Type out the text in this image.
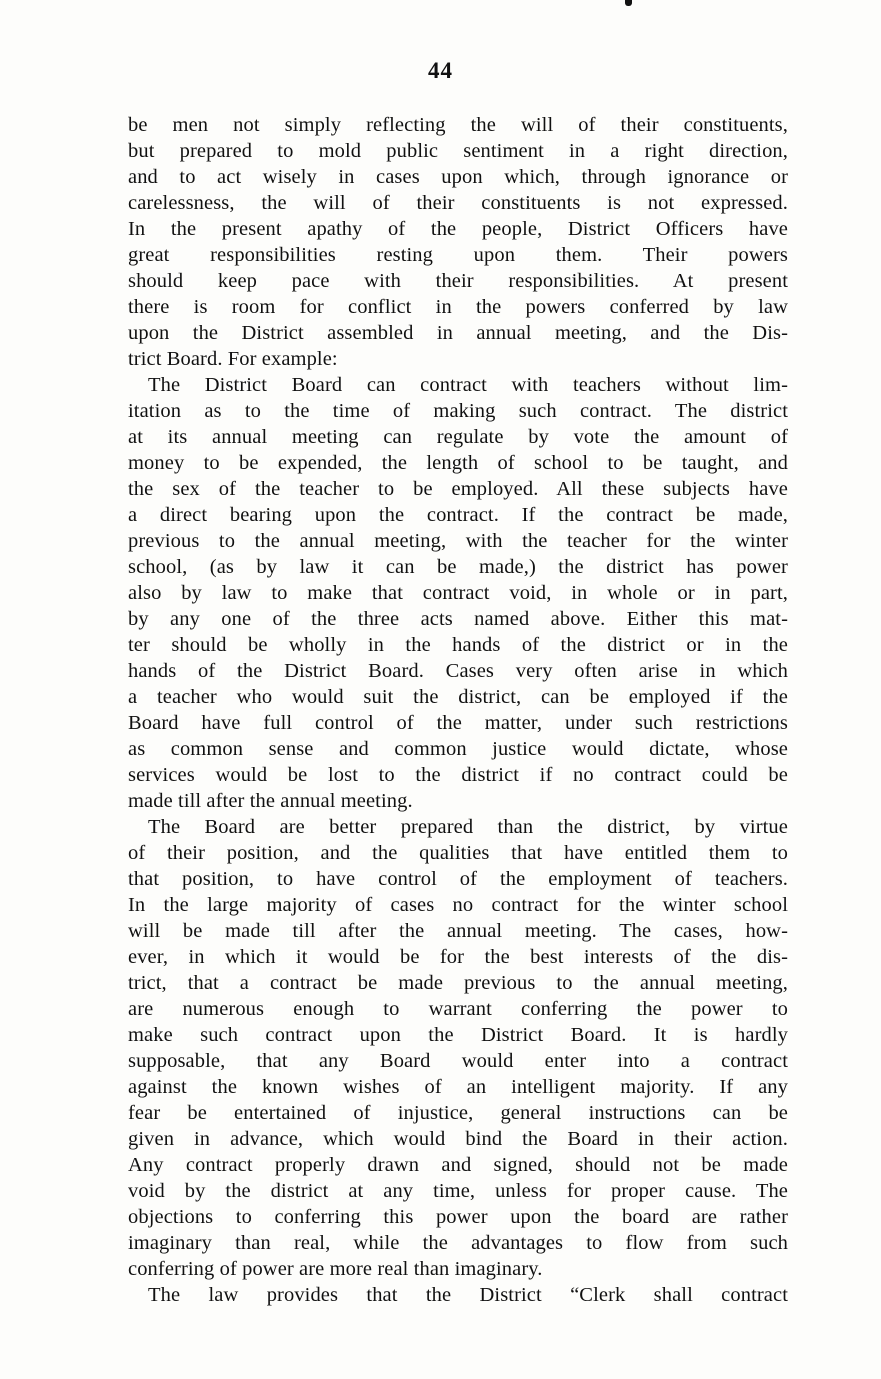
44
be men not simply reflecting the will of their constituents,
but prepared to mold public sentiment in a right direction,
and to act wisely in cases upon which, through ignorance or
carelessness, the will of their constituents is not expressed.
In the present apathy of the people, District Officers have
great responsibilities resting upon them. Their powers
should keep pace with their responsibilities. At present
there is room for conflict in the powers conferred by law
upon the District assembled in annual meeting, and the Dis-
trict Board. For example:
The District Board can contract with teachers without lim-
itation as to the time of making such contract. The district
at its annual meeting can regulate by vote the amount of
money to be expended, the length of school to be taught, and
the sex of the teacher to be employed. All these subjects have
a direct bearing upon the contract. If the contract be made,
previous to the annual meeting, with the teacher for the winter
school, (as by law it can be made,) the district has power
also by law to make that contract void, in whole or in part,
by any one of the three acts named above. Either this mat-
ter should be wholly in the hands of the district or in the
hands of the District Board. Cases very often arise in which
a teacher who would suit the district, can be employed if the
Board have full control of the matter, under such restrictions
as common sense and common justice would dictate, whose
services would be lost to the district if no contract could be
made till after the annual meeting.
The Board are better prepared than the district, by virtue
of their position, and the qualities that have entitled them to
that position, to have control of the employment of teachers.
In the large majority of cases no contract for the winter school
will be made till after the annual meeting. The cases, how-
ever, in which it would be for the best interests of the dis-
trict, that a contract be made previous to the annual meeting,
are numerous enough to warrant conferring the power to
make such contract upon the District Board. It is hardly
supposable, that any Board would enter into a contract
against the known wishes of an intelligent majority. If any
fear be entertained of injustice, general instructions can be
given in advance, which would bind the Board in their action.
Any contract properly drawn and signed, should not be made
void by the district at any time, unless for proper cause. The
objections to conferring this power upon the board are rather
imaginary than real, while the advantages to flow from such
conferring of power are more real than imaginary.
The law provides that the District “Clerk shall contract
